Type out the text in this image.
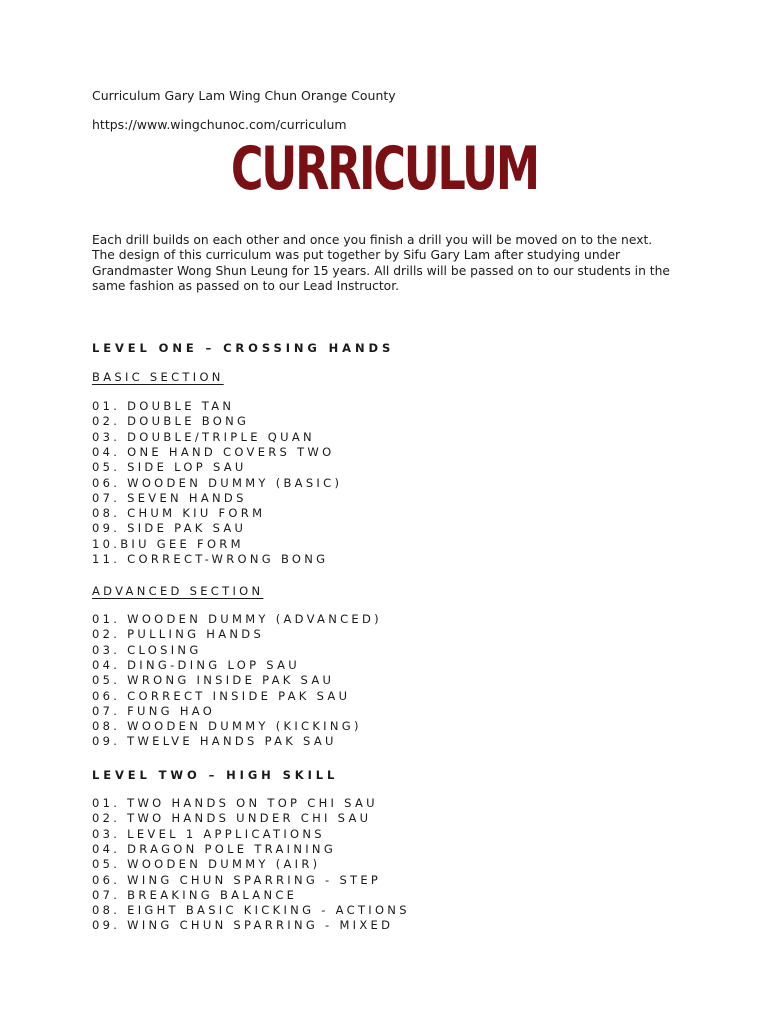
Curriculum Gary Lam Wing Chun Orange County
https://www.wingchunoc.com/curriculum
CURRICULUM
Each drill builds on each other and once you finish a drill you will be moved on to the next. The design of this curriculum was put together by Sifu Gary Lam after studying under Grandmaster Wong Shun Leung for 15 years. All drills will be passed on to our students in the same fashion as passed on to our Lead Instructor.
LEVEL ONE – CROSSING HANDS
BASIC SECTION
01. DOUBLE TAN
02. DOUBLE BONG
03. DOUBLE/TRIPLE QUAN
04. ONE HAND COVERS TWO
05. SIDE LOP SAU
06. WOODEN DUMMY (BASIC)
07. SEVEN HANDS
08. CHUM KIU FORM
09. SIDE PAK SAU
10.BIU GEE FORM
11. CORRECT-WRONG BONG
ADVANCED SECTION
01. WOODEN DUMMY (ADVANCED)
02. PULLING HANDS
03. CLOSING
04. DING-DING LOP SAU
05. WRONG INSIDE PAK SAU
06. CORRECT INSIDE PAK SAU
07. FUNG HAO
08. WOODEN DUMMY (KICKING)
09. TWELVE HANDS PAK SAU
LEVEL TWO – HIGH SKILL
01. TWO HANDS ON TOP CHI SAU
02. TWO HANDS UNDER CHI SAU
03. LEVEL 1 APPLICATIONS
04. DRAGON POLE TRAINING
05. WOODEN DUMMY (AIR)
06. WING CHUN SPARRING - STEP
07. BREAKING BALANCE
08. EIGHT BASIC KICKING - ACTIONS
09. WING CHUN SPARRING - MIXED
